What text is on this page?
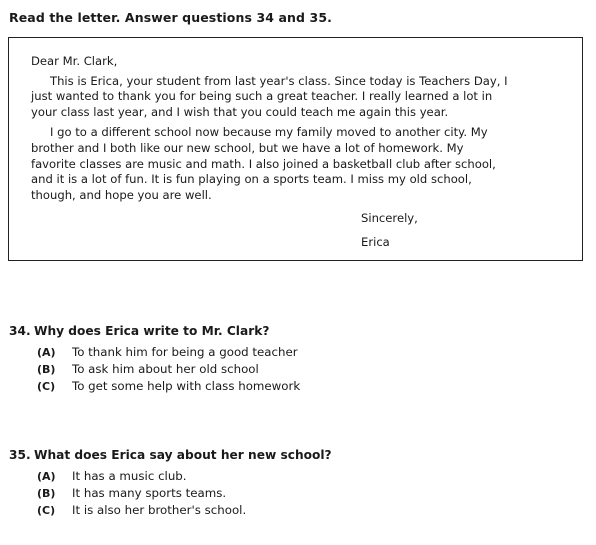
Read the letter. Answer questions 34 and 35.

Dear Mr. Clark,

This is Erica, your student from last year's class. Since today is Teachers Day, I just wanted to thank you for being such a great teacher. I really learned a lot in your class last year, and I wish that you could teach me again this year.

I go to a different school now because my family moved to another city. My brother and I both like our new school, but we have a lot of homework. My favorite classes are music and math. I also joined a basketball club after school, and it is a lot of fun. It is fun playing on a sports team. I miss my old school, though, and hope you are well.

Sincerely,
Erica
34. Why does Erica write to Mr. Clark?
(A)	To thank him for being a good teacher
(B)	To ask him about her old school
(C)	To get some help with class homework
35. What does Erica say about her new school?
(A)	It has a music club.
(B)	It has many sports teams.
(C)	It is also her brother's school.
